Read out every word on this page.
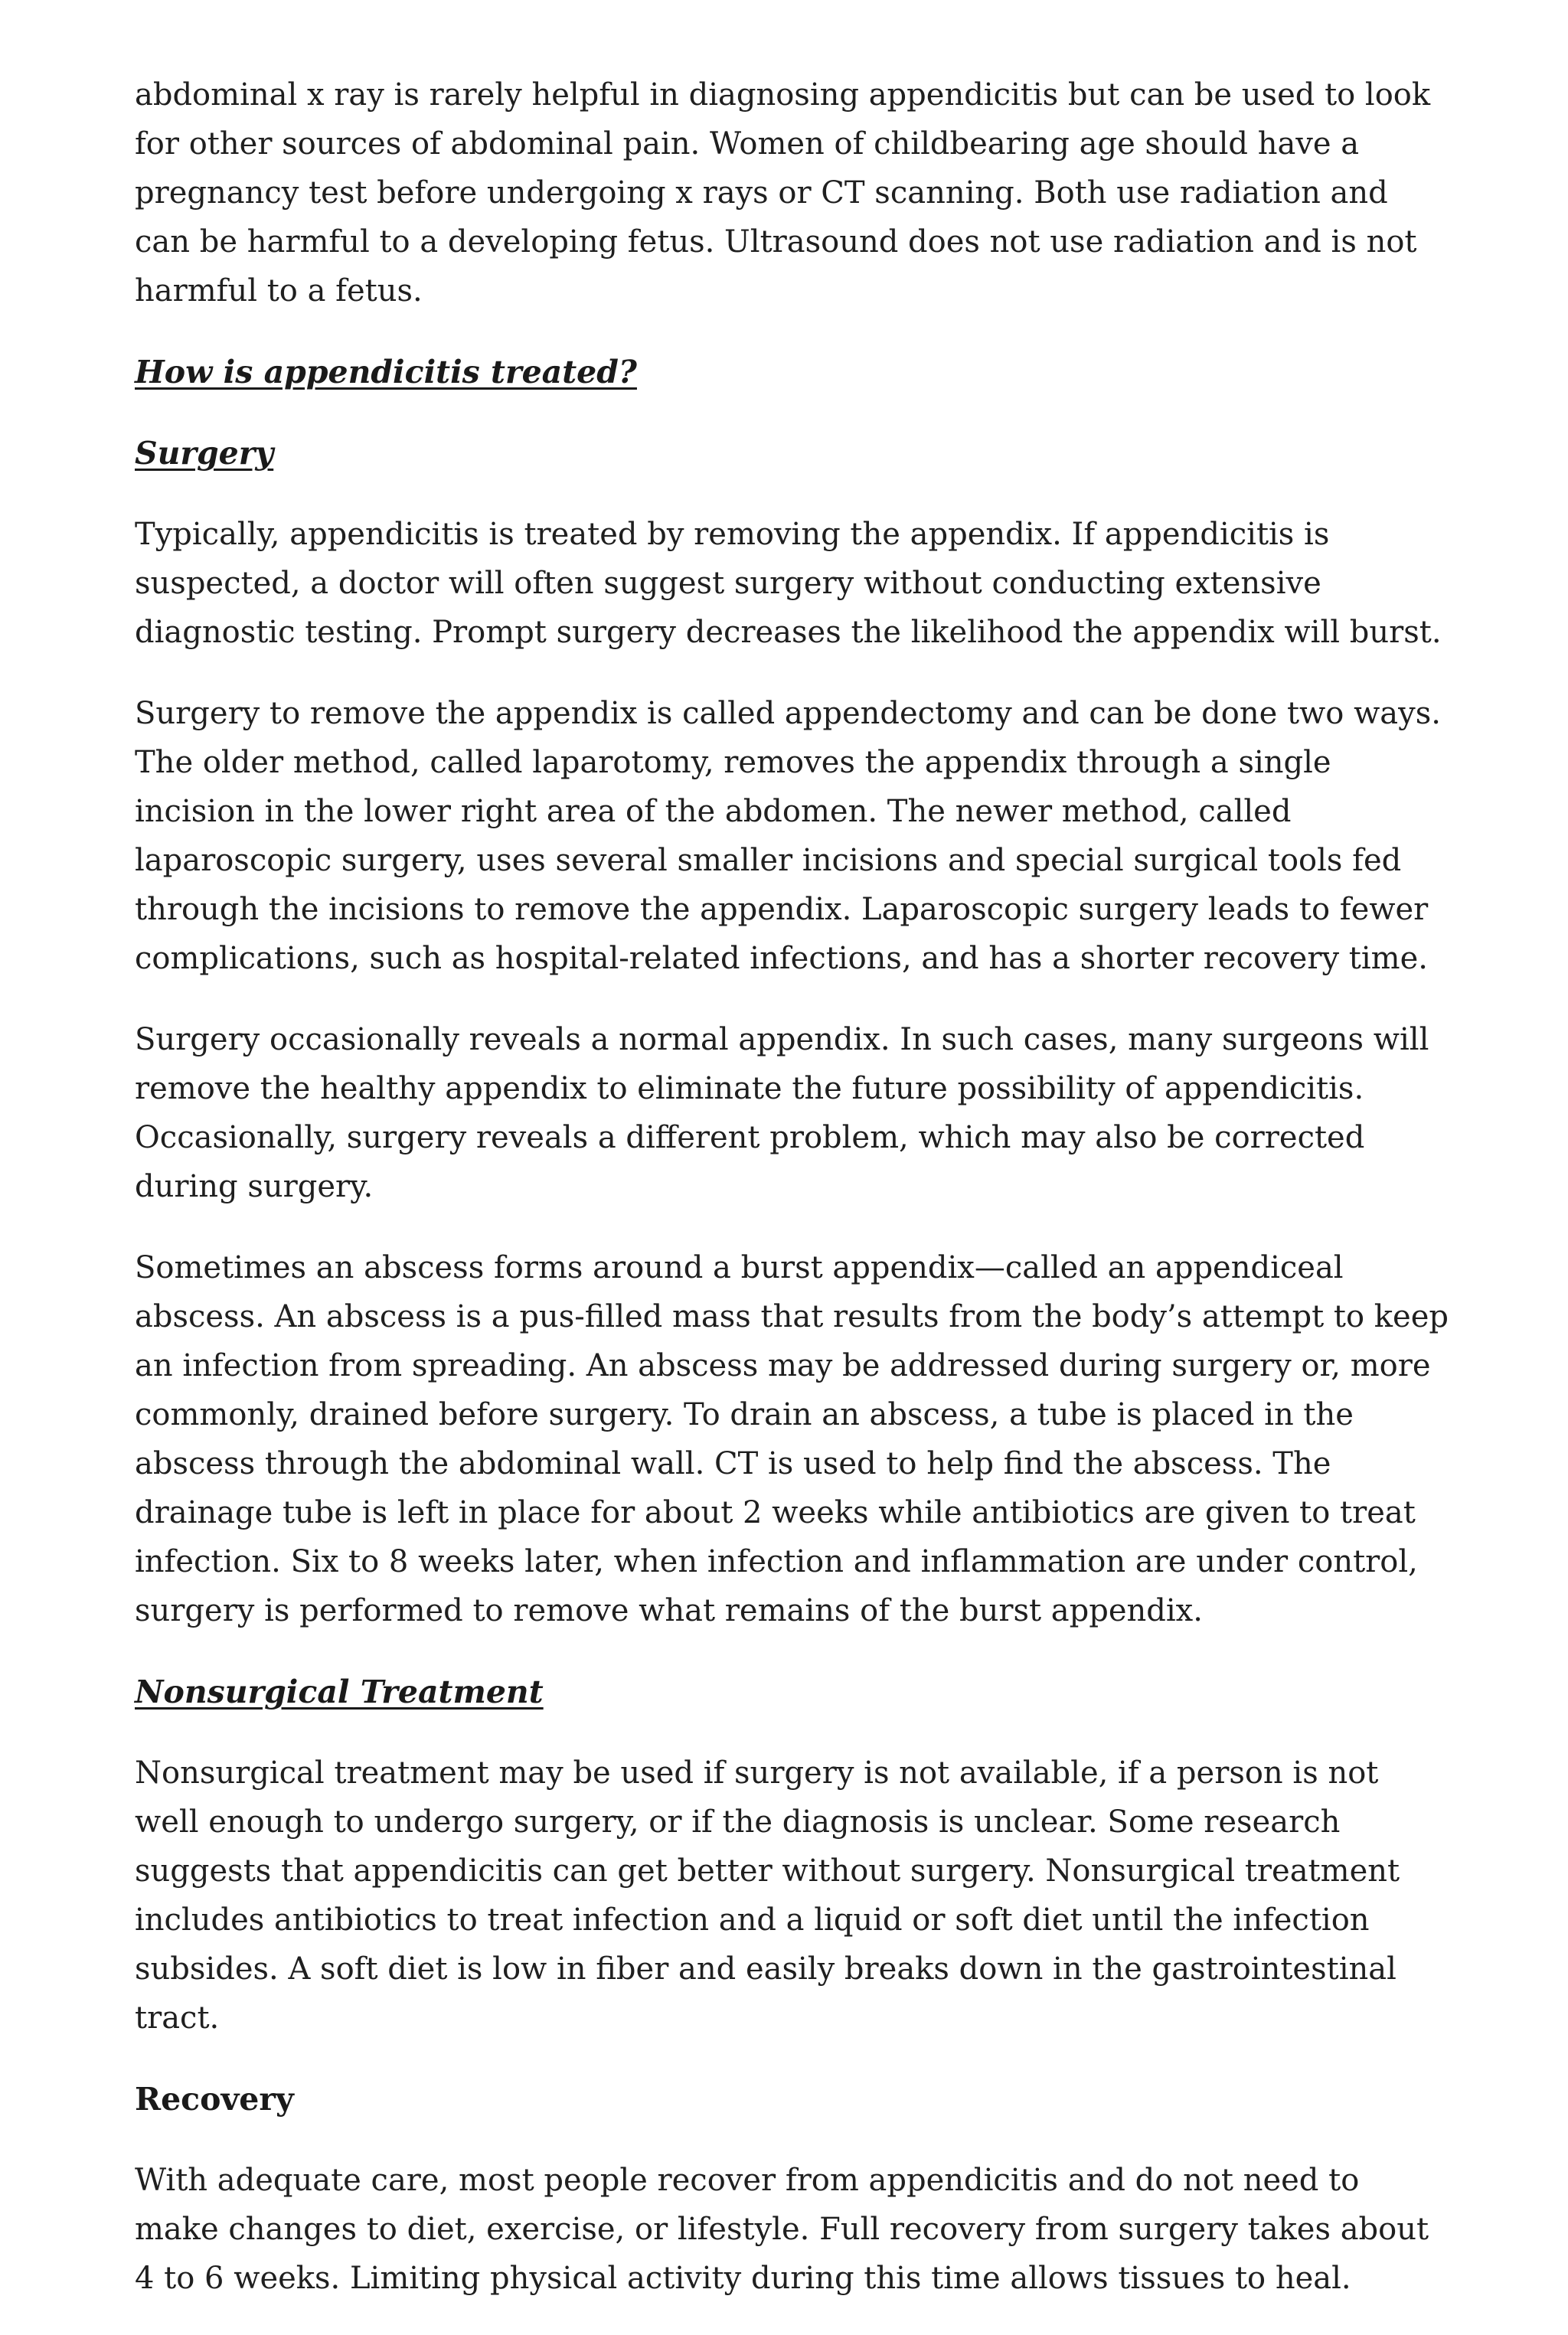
abdominal x ray is rarely helpful in diagnosing appendicitis but can be used to look for other sources of abdominal pain. Women of childbearing age should have a pregnancy test before undergoing x rays or CT scanning. Both use radiation and can be harmful to a developing fetus. Ultrasound does not use radiation and is not harmful to a fetus.

How is appendicitis treated?
Surgery

Typically, appendicitis is treated by removing the appendix. If appendicitis is suspected, a doctor will often suggest surgery without conducting extensive diagnostic testing. Prompt surgery decreases the likelihood the appendix will burst.

Surgery to remove the appendix is called appendectomy and can be done two ways. The older method, called laparotomy, removes the appendix through a single incision in the lower right area of the abdomen. The newer method, called laparoscopic surgery, uses several smaller incisions and special surgical tools fed through the incisions to remove the appendix. Laparoscopic surgery leads to fewer complications, such as hospital-related infections, and has a shorter recovery time.

Surgery occasionally reveals a normal appendix. In such cases, many surgeons will remove the healthy appendix to eliminate the future possibility of appendicitis. Occasionally, surgery reveals a different problem, which may also be corrected during surgery.

Sometimes an abscess forms around a burst appendix—called an appendiceal abscess. An abscess is a pus-filled mass that results from the body’s attempt to keep an infection from spreading. An abscess may be addressed during surgery or, more commonly, drained before surgery. To drain an abscess, a tube is placed in the abscess through the abdominal wall. CT is used to help find the abscess. The drainage tube is left in place for about 2 weeks while antibiotics are given to treat infection. Six to 8 weeks later, when infection and inflammation are under control, surgery is performed to remove what remains of the burst appendix.

Nonsurgical Treatment

Nonsurgical treatment may be used if surgery is not available, if a person is not well enough to undergo surgery, or if the diagnosis is unclear. Some research suggests that appendicitis can get better without surgery. Nonsurgical treatment includes antibiotics to treat infection and a liquid or soft diet until the infection subsides. A soft diet is low in fiber and easily breaks down in the gastrointestinal tract.

Recovery

With adequate care, most people recover from appendicitis and do not need to make changes to diet, exercise, or lifestyle. Full recovery from surgery takes about 4 to 6 weeks. Limiting physical activity during this time allows tissues to heal.
